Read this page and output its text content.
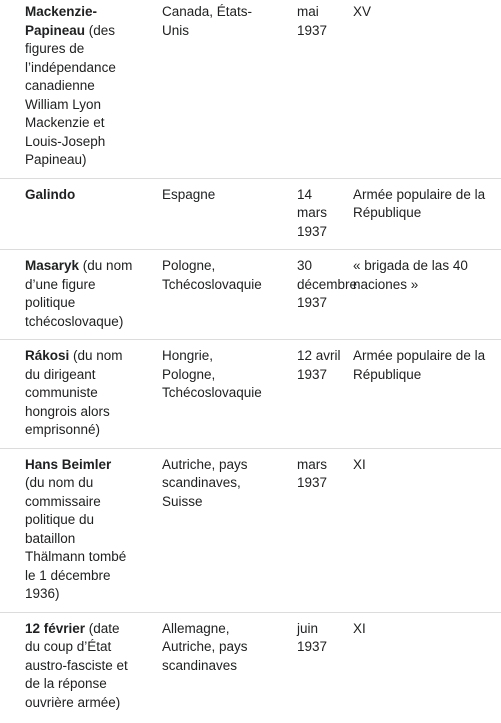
Mackenzie-Papineau (des figures de l’indépendance canadienne William Lyon Mackenzie et Louis-Joseph Papineau)	Canada, États-Unis	mai 1937	XV
Galindo	Espagne	14 mars 1937	Armée populaire de la République
Masaryk (du nom d’une figure politique tchécoslovaque)	Pologne, Tchécoslovaquie	30 décembre 1937	« brigada de las 40 naciones »
Rákosi (du nom du dirigeant communiste hongrois alors emprisonné)	Hongrie, Pologne, Tchécoslovaquie	12 avril 1937	Armée populaire de la République
Hans Beimler (du nom du commissaire politique du bataillon Thälmann tombé le 1 décembre 1936)	Autriche, pays scandinaves, Suisse	mars 1937	XI
12 février (date du coup d’État austro-fasciste et de la réponse ouvrière armée)	Allemagne, Autriche, pays scandinaves	juin 1937	XI
